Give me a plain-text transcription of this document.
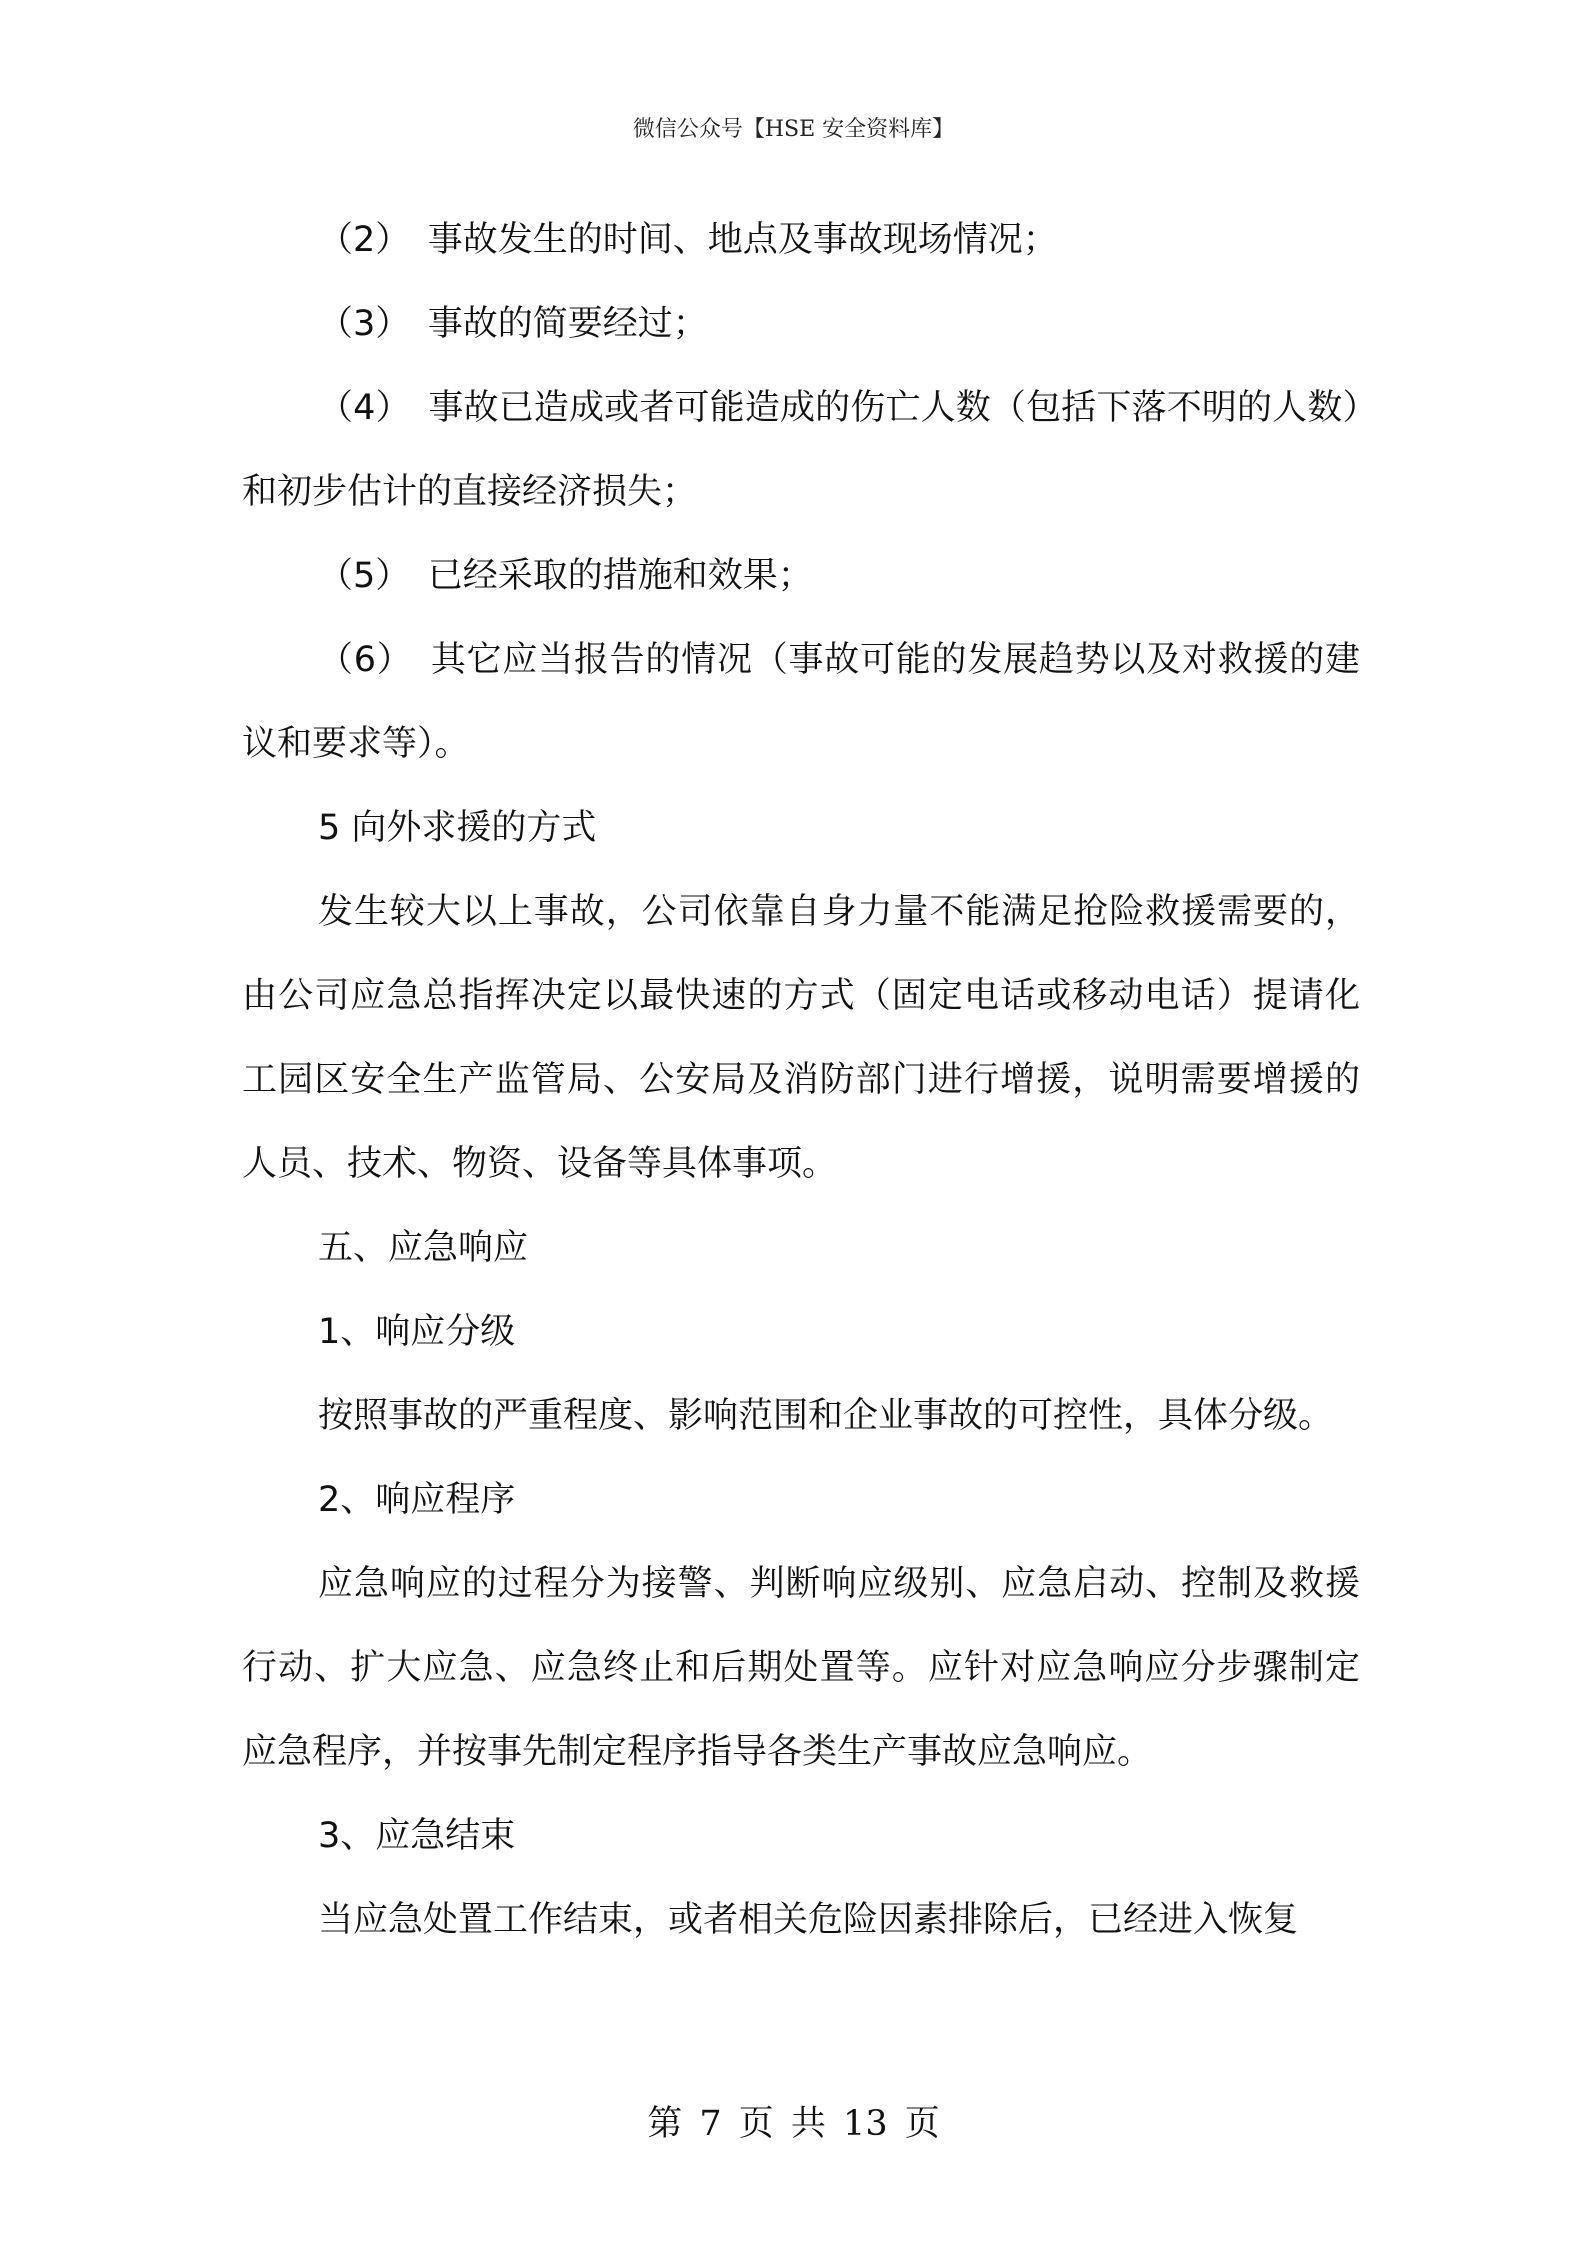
微信公众号【HSE 安全资料库】

（2）　事故发生的时间、地点及事故现场情况；

（3）　事故的简要经过；

（4）　事故已造成或者可能造成的伤亡人数（包括下落不明的人数）和初步估计的直接经济损失；

（5）　已经采取的措施和效果；

（6）　其它应当报告的情况（事故可能的发展趋势以及对救援的建议和要求等）。

5 向外求援的方式

发生较大以上事故，公司依靠自身力量不能满足抢险救援需要的，由公司应急总指挥决定以最快速的方式（固定电话或移动电话）提请化工园区安全生产监管局、公安局及消防部门进行增援，说明需要增援的人员、技术、物资、设备等具体事项。

五、应急响应

1、响应分级

按照事故的严重程度、影响范围和企业事故的可控性，具体分级。

2、响应程序

应急响应的过程分为接警、判断响应级别、应急启动、控制及救援行动、扩大应急、应急终止和后期处置等。应针对应急响应分步骤制定应急程序，并按事先制定程序指导各类生产事故应急响应。

3、应急结束

当应急处置工作结束，或者相关危险因素排除后，已经进入恢复

第 7 页 共 13 页
